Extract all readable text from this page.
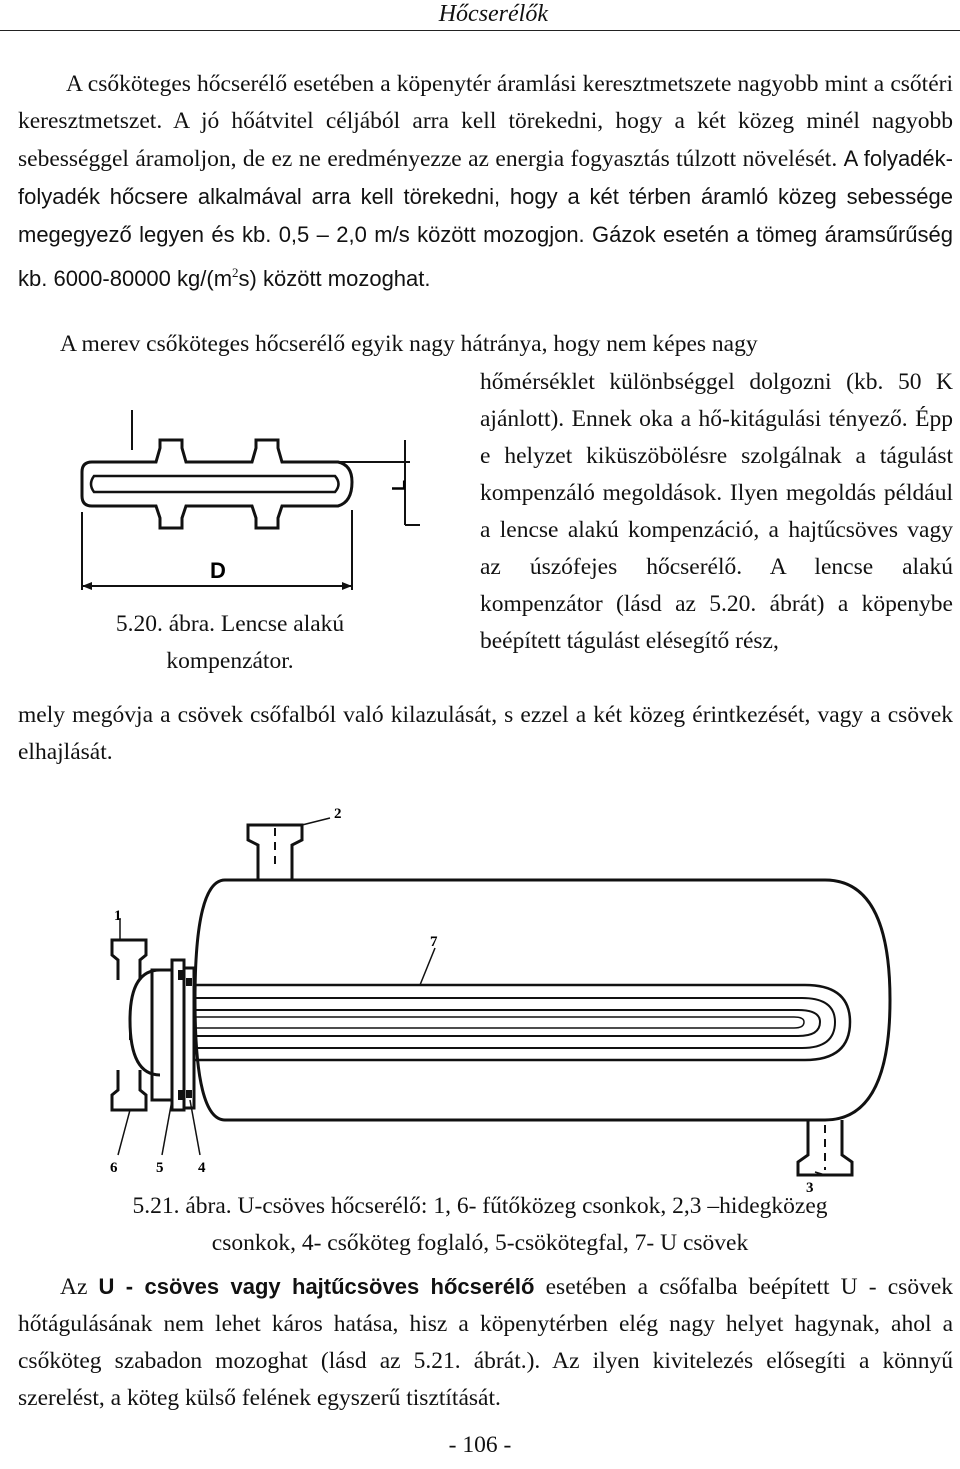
Hőcserélők

A csőköteges hőcserélő esetében a köpenytér áramlási keresztmetszete nagyobb mint a csőtéri keresztmetszet. A jó hőátvitel céljából arra kell törekedni, hogy a két közeg minél nagyobb sebességgel áramoljon, de ez ne eredményezze az energia fogyasztás túlzott növelését. A folyadék-folyadék hőcsere alkalmával arra kell törekedni, hogy a két térben áramló közeg sebessége megegyező legyen és kb. 0,5 – 2,0 m/s között mozogjon. Gázok esetén a tömeg áramsűrűség kb. 6000-80000 $kg/(m^2s)$ között mozoghat.

A merev csőköteges hőcserélő egyik nagy hátránya, hogy nem képes nagy

hőmérséklet különbséggel dolgozni (kb. 50 K ajánlott). Ennek oka a hő-kitágulási tényező. Épp e helyzet kiküszöbölésre szolgálnak a tágulást kompenzáló megoldások. Ilyen megoldás például a lencse alakú kompenzáció, a hajtűcsöves vagy az úszófejes hőcserélő. A lencse alakú kompenzátor (lásd az 5.20. ábrát) a köpenybe beépített tágulást elésegítő rész,

mely megóvja a csövek csőfalból való kilazulását, s ezzel a két közeg érintkezését, vagy a csövek elhajlását.

D
L
5.20. ábra. Lencse alakú
kompenzátor.
1
2
3
4
5
6
7
5.21. ábra. U-csöves hőcserélő: 1, 6- fűtőközeg csonkok, 2,3 –hidegközeg
csonkok, 4- csőköteg foglaló, 5-csökötegfal, 7- U csövek

Az U - csöves vagy hajtűcsöves hőcserélő esetében a csőfalba beépített U - csövek hőtágulásának nem lehet káros hatása, hisz a köpenytérben elég nagy helyet hagynak, ahol a csőköteg szabadon mozoghat (lásd az 5.21. ábrát.). Az ilyen kivitelezés elősegíti a könnyű szerelést, a köteg külső felének egyszerű tisztítását.

- 106 -
